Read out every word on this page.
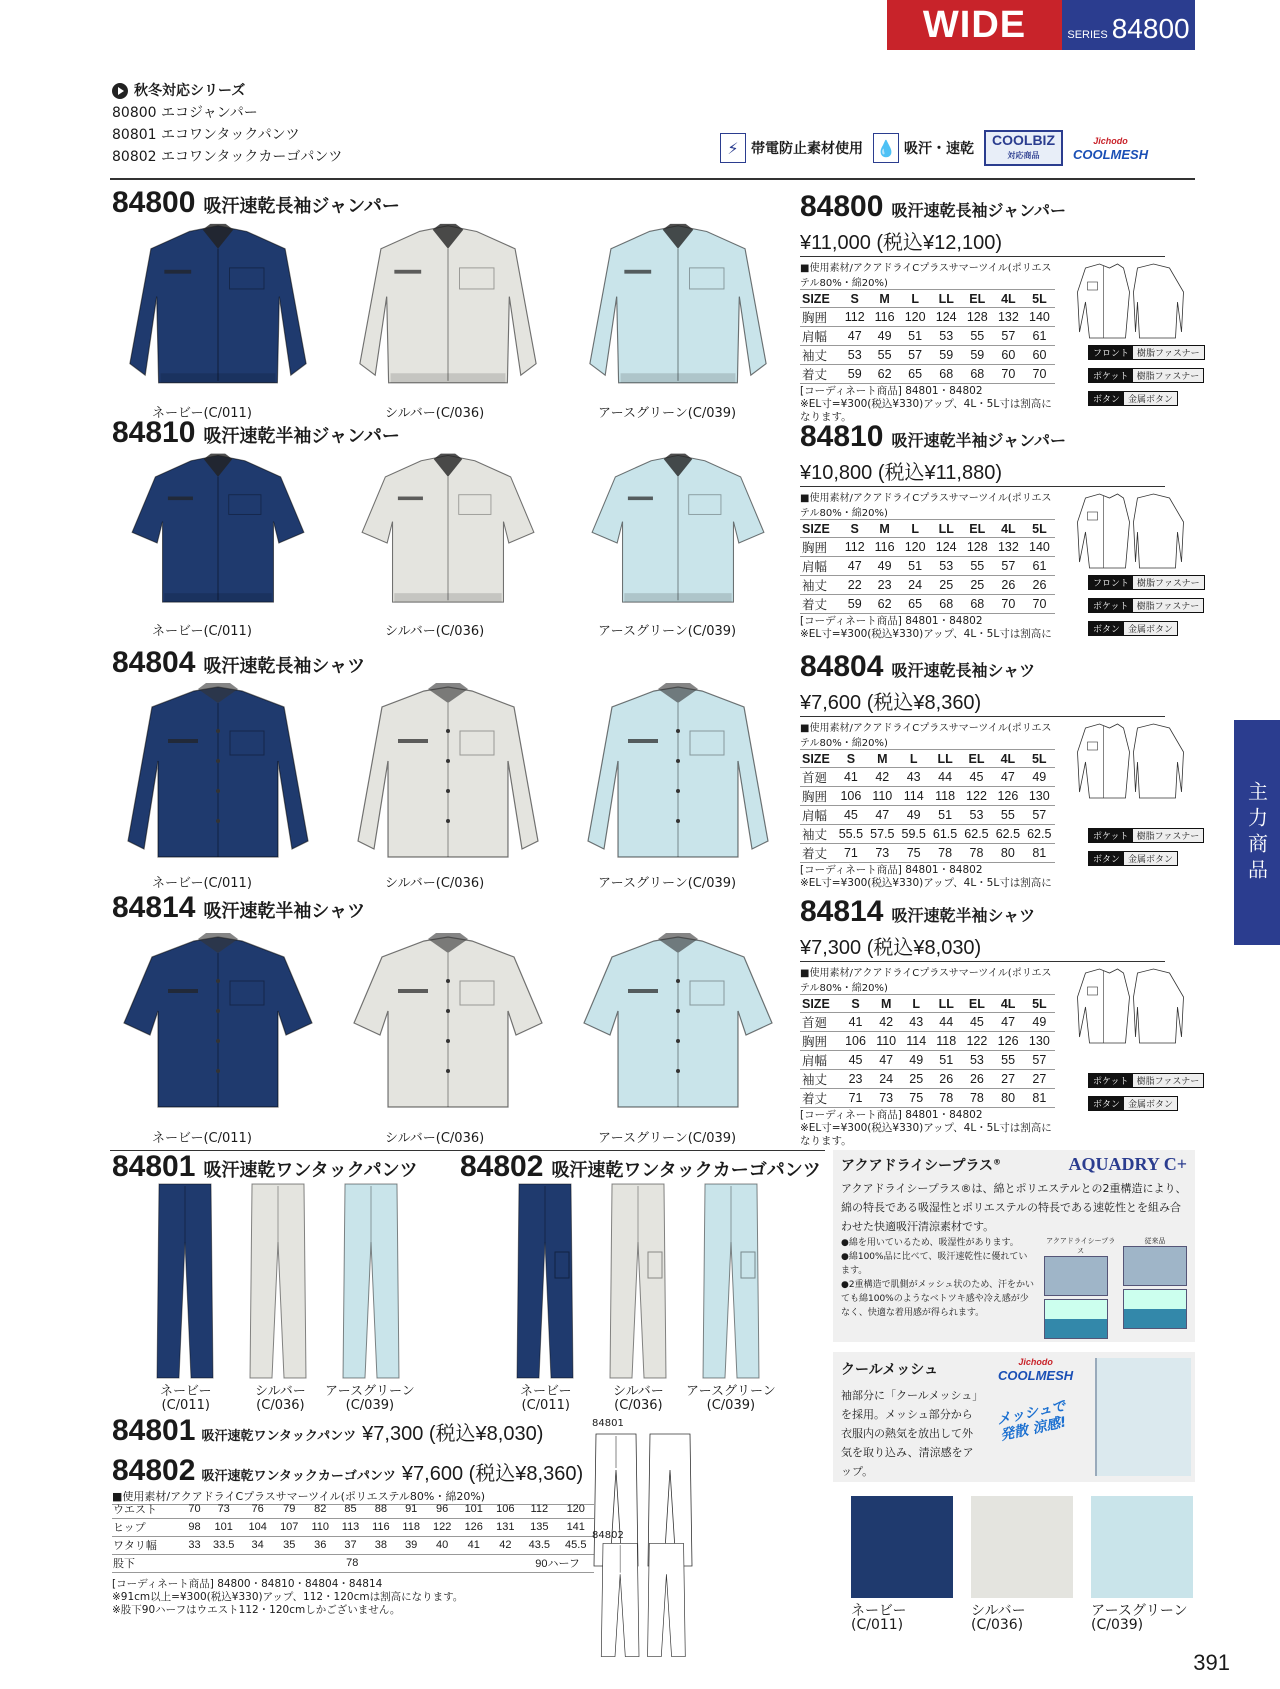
WIDE	SERIES 84800
主力商品
秋冬対応シリーズ
80800 エコジャンパー
80801 エコワンタックパンツ
80802 エコワンタックカーゴパンツ	⚡ 帯電防止素材使用 💧 吸汗・速乾
COOLBIZ
対応商品
Jichodo
COOLMESH
84800 吸汗速乾長袖ジャンパー
ネービー(C/011)	シルバー(C/036)	アースグリーン(C/039)
84800 吸汗速乾長袖ジャンパー
¥11,000 (税込¥12,100)
■使用素材/アクアドライCプラスサマーツイル(ポリエステル80%・綿20%)
SIZE	S	M	L	LL	EL	4L	5L
胸囲	112	116	120	124	128	132	140
肩幅	47	49	51	53	55	57	61
袖丈	53	55	57	59	59	60	60
着丈	59	62	65	68	68	70	70
[コーディネート商品] 84801・84802
※EL寸=¥300(税込¥330)アップ、4L・5L寸は割高になります。
フロント 樹脂ファスナー
ポケット 樹脂ファスナー
ボタン 金属ボタン
84810 吸汗速乾半袖ジャンパー
ネービー(C/011)	シルバー(C/036)	アースグリーン(C/039)
84810 吸汗速乾半袖ジャンパー
¥10,800 (税込¥11,880)
■使用素材/アクアドライCプラスサマーツイル(ポリエステル80%・綿20%)
SIZE	S	M	L	LL	EL	4L	5L
胸囲	112	116	120	124	128	132	140
肩幅	47	49	51	53	55	57	61
袖丈	22	23	24	25	25	26	26
着丈	59	62	65	68	68	70	70
[コーディネート商品] 84801・84802
※EL寸=¥300(税込¥330)アップ、4L・5L寸は割高に
フロント 樹脂ファスナー
ポケット 樹脂ファスナー
ボタン 金属ボタン
84804 吸汗速乾長袖シャツ
ネービー(C/011)	シルバー(C/036)	アースグリーン(C/039)
84804 吸汗速乾長袖シャツ
¥7,600 (税込¥8,360)
■使用素材/アクアドライCプラスサマーツイル(ポリエステル80%・綿20%)
SIZE	S	M	L	LL	EL	4L	5L
首廻	41	42	43	44	45	47	49
胸囲	106	110	114	118	122	126	130
肩幅	45	47	49	51	53	55	57
袖丈	55.5	57.5	59.5	61.5	62.5	62.5	62.5
着丈	71	73	75	78	78	80	81
[コーディネート商品] 84801・84802
※EL寸=¥300(税込¥330)アップ、4L・5L寸は割高に
ポケット 樹脂ファスナー
ボタン 金属ボタン
84814 吸汗速乾半袖シャツ
ネービー(C/011)	シルバー(C/036)	アースグリーン(C/039)
84814 吸汗速乾半袖シャツ
¥7,300 (税込¥8,030)
■使用素材/アクアドライCプラスサマーツイル(ポリエステル80%・綿20%)
SIZE	S	M	L	LL	EL	4L	5L
首廻	41	42	43	44	45	47	49
胸囲	106	110	114	118	122	126	130
肩幅	45	47	49	51	53	55	57
袖丈	23	24	25	26	26	27	27
着丈	71	73	75	78	78	80	81
[コーディネート商品] 84801・84802
※EL寸=¥300(税込¥330)アップ、4L・5L寸は割高になります。
ポケット 樹脂ファスナー
ボタン 金属ボタン
84801 吸汗速乾ワンタックパンツ 84802 吸汗速乾ワンタックカーゴパンツ
ネービー
(C/011)
シルバー
(C/036)
アースグリーン
(C/039)
ネービー
(C/011)
シルバー
(C/036)
アースグリーン
(C/039)
84801 吸汗速乾ワンタックパンツ ¥7,300 (税込¥8,030)
84802 吸汗速乾ワンタックカーゴパンツ ¥7,600 (税込¥8,360)
■使用素材/アクアドライCプラスサマーツイル(ポリエステル80%・綿20%)
ウエスト	70	73	76	79	82	85	88	91	96	101	106	112	120
ヒップ	98	101	104	107	110	113	116	118	122	126	131	135	141
ワタリ幅	33	33.5	34	35	36	37	38	39	40	41	42	43.5	45.5
股下	78											90ハーフ	
[コーディネート商品] 84800・84810・84804・84814
※91cm以上=¥300(税込¥330)アップ、112・120cmは割高になります。
※股下90ハーフはウエスト112・120cmしかございません。
84801
84802
アクアドライシープラス®	AQUADRY C+

アクアドライシープラス®は、綿とポリエステルとの2重構造により、綿の特長である吸湿性とポリエステルの特長である速乾性とを組み合わせた快適吸汗清涼素材です。

●綿を用いているため、吸湿性があります。
●綿100%品に比べて、吸汗速乾性に優れています。
●2重構造で肌側がメッシュ状のため、汗をかいても綿100%のようなベトツキ感や冷え感が少なく、快適な着用感が得られます。
アクアドライシープラス
従来品
クールメッシュ	Jichodo
COOLMESH

袖部分に「クールメッシュ」を採用。メッシュ部分から衣服内の熱気を放出して外気を取り込み、清涼感をアップ。

メッシュで発散 涼感!
ネービー
(C/011)
シルバー
(C/036)
アースグリーン
(C/039)
391
